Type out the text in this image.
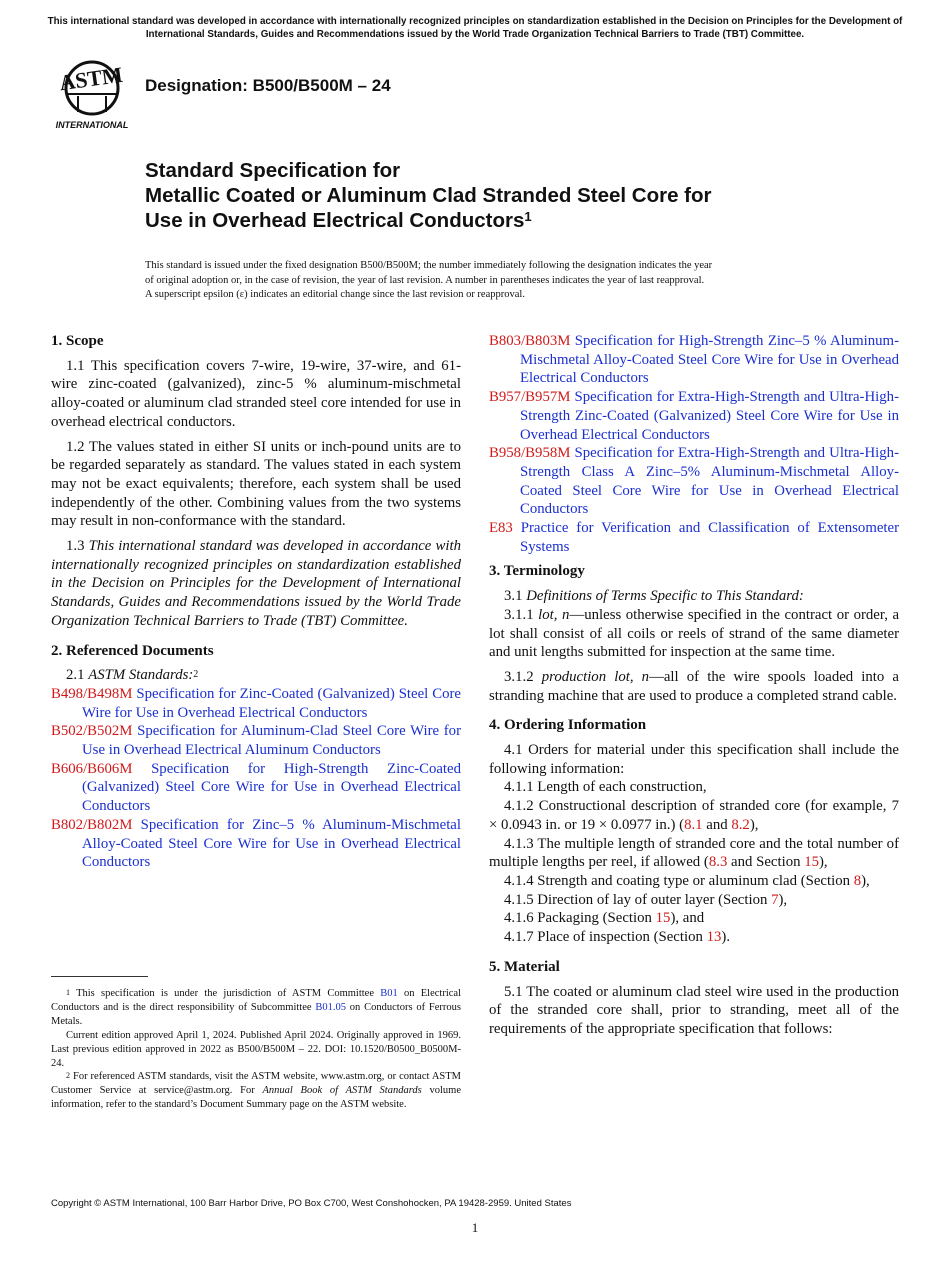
This international standard was developed in accordance with internationally recognized principles on standardization established in the Decision on Principles for the Development of International Standards, Guides and Recommendations issued by the World Trade Organization Technical Barriers to Trade (TBT) Committee.
ASTM
INTERNATIONAL
Designation: B500/B500M – 24
Standard Specification for
Metallic Coated or Aluminum Clad Stranded Steel Core for
Use in Overhead Electrical Conductors$^1$
This standard is issued under the fixed designation B500/B500M; the number immediately following the designation indicates the year
of original adoption or, in the case of revision, the year of last revision. A number in parentheses indicates the year of last reapproval.
A superscript epsilon (ε) indicates an editorial change since the last revision or reapproval.
1. Scope

1.1 This specification covers 7-wire, 19-wire, 37-wire, and 61-wire zinc-coated (galvanized), zinc-5 % aluminum-mischmetal alloy-coated or aluminum clad stranded steel core intended for use in overhead electrical conductors.

1.2 The values stated in either SI units or inch-pound units are to be regarded separately as standard. The values stated in each system may not be exact equivalents; therefore, each system shall be used independently of the other. Combining values from the two systems may result in non-conformance with the standard.

1.3 This international standard was developed in accordance with internationally recognized principles on standardization established in the Decision on Principles for the Development of International Standards, Guides and Recommendations issued by the World Trade Organization Technical Barriers to Trade (TBT) Committee.

2. Referenced Documents

2.1 ASTM Standards:$^2$

B498/B498M Specification for Zinc-Coated (Galvanized) Steel Core Wire for Use in Overhead Electrical Conductors

B502/B502M Specification for Aluminum-Clad Steel Core Wire for Use in Overhead Electrical Aluminum Conductors

B606/B606M Specification for High-Strength Zinc-Coated (Galvanized) Steel Core Wire for Use in Overhead Electrical Conductors

B802/B802M Specification for Zinc–5 % Aluminum-Mischmetal Alloy-Coated Steel Core Wire for Use in Overhead Electrical Conductors

$^1$ This specification is under the jurisdiction of ASTM Committee B01 on Electrical Conductors and is the direct responsibility of Subcommittee B01.05 on Conductors of Ferrous Metals.

Current edition approved April 1, 2024. Published April 2024. Originally approved in 1969. Last previous edition approved in 2022 as B500/B500M – 22. DOI: 10.1520/B0500_B0500M-24.

$^2$ For referenced ASTM standards, visit the ASTM website, www.astm.org, or contact ASTM Customer Service at service@astm.org. For Annual Book of ASTM Standards volume information, refer to the standard’s Document Summary page on the ASTM website.

B803/B803M Specification for High-Strength Zinc–5 % Aluminum-Mischmetal Alloy-Coated Steel Core Wire for Use in Overhead Electrical Conductors

B957/B957M Specification for Extra-High-Strength and Ultra-High-Strength Zinc-Coated (Galvanized) Steel Core Wire for Use in Overhead Electrical Conductors

B958/B958M Specification for Extra-High-Strength and Ultra-High-Strength Class A Zinc–5% Aluminum-Mischmetal Alloy-Coated Steel Core Wire for Use in Overhead Electrical Conductors

E83 Practice for Verification and Classification of Extensometer Systems

3. Terminology

3.1 Definitions of Terms Specific to This Standard:

3.1.1 lot, n—unless otherwise specified in the contract or order, a lot shall consist of all coils or reels of strand of the same diameter and unit lengths submitted for inspection at the same time.

3.1.2 production lot, n—all of the wire spools loaded into a stranding machine that are used to produce a completed strand cable.

4. Ordering Information

4.1 Orders for material under this specification shall include the following information:

4.1.1 Length of each construction,

4.1.2 Constructional description of stranded core (for example, 7 × 0.0943 in. or 19 × 0.0977 in.) (8.1 and 8.2),

4.1.3 The multiple length of stranded core and the total number of multiple lengths per reel, if allowed (8.3 and Section 15),

4.1.4 Strength and coating type or aluminum clad (Section 8),

4.1.5 Direction of lay of outer layer (Section 7),

4.1.6 Packaging (Section 15), and

4.1.7 Place of inspection (Section 13).

5. Material

5.1 The coated or aluminum clad steel wire used in the production of the stranded core shall, prior to stranding, meet all of the requirements of the appropriate specification that follows:

Copyright © ASTM International, 100 Barr Harbor Drive, PO Box C700, West Conshohocken, PA 19428-2959. United States
1
